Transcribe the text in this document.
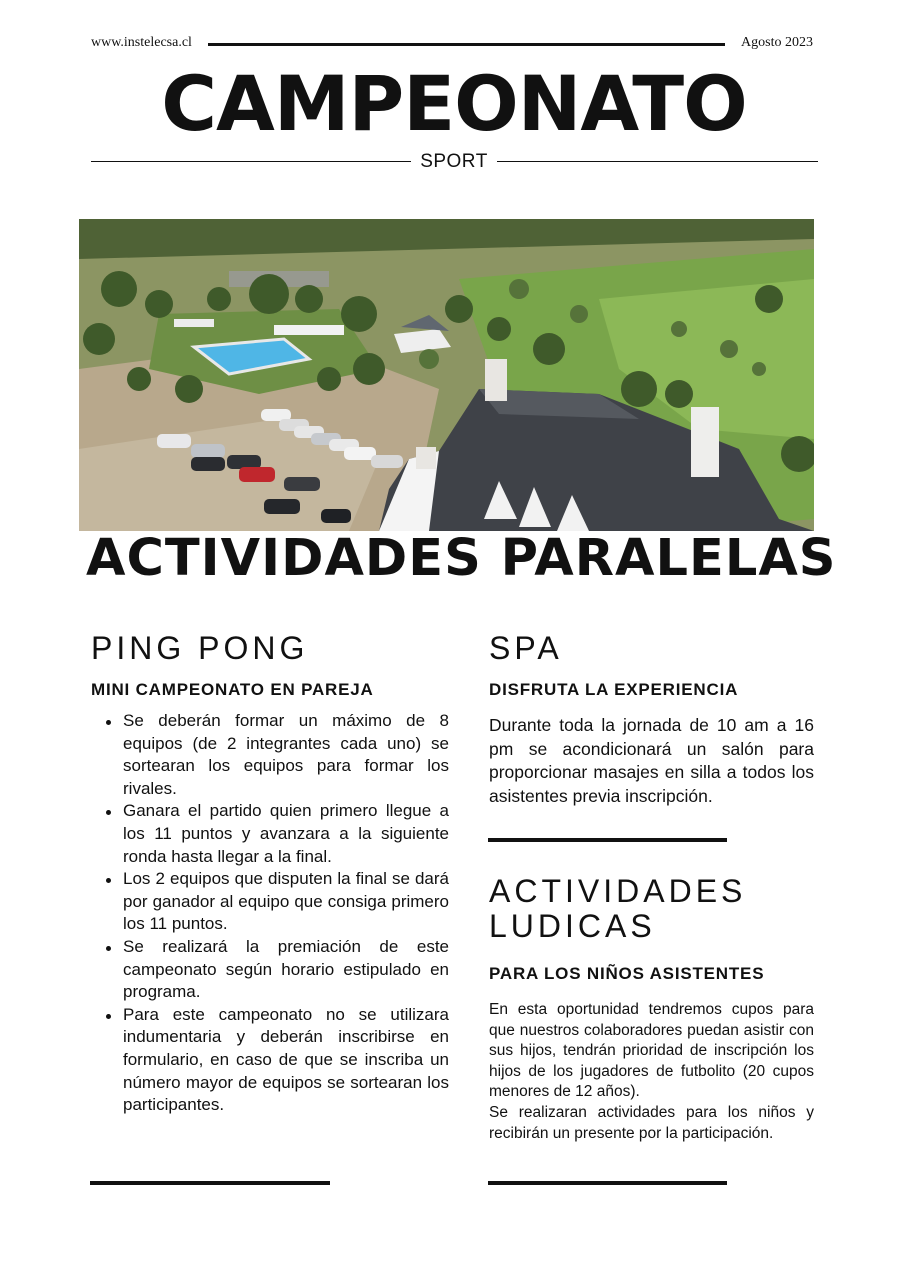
www.instelecsa.cl	Agosto 2023
CAMPEONATO
SPORT
ACTIVIDADES PARALELAS
PING PONG
MINI CAMPEONATO EN PAREJA
Se deberán formar un máximo de 8 equipos (de 2 integrantes cada uno) se sortearan los equipos para formar los rivales.
Ganara el partido quien primero llegue a los 11 puntos y avanzara a la siguiente ronda hasta llegar a la final.
Los 2 equipos que disputen la final se dará por ganador al equipo que consiga primero los 11 puntos.
Se realizará la premiación de este campeonato según horario estipulado en programa.
Para este campeonato no se utilizara indumentaria y deberán inscribirse en formulario, en caso de que se inscriba un número mayor de equipos se sortearan los participantes.
SPA
DISFRUTA LA EXPERIENCIA
Durante toda la jornada de 10 am a 16 pm se acondicionará un salón para proporcionar masajes en silla a todos los asistentes previa inscripción.
ACTIVIDADES
LUDICAS
PARA LOS NIÑOS ASISTENTES
En esta oportunidad tendremos cupos para que nuestros colaboradores puedan asistir con sus hijos, tendrán prioridad de inscripción los hijos de los jugadores de futbolito (20 cupos menores de 12 años).
Se realizaran actividades para los niños y recibirán un presente por la participación.
